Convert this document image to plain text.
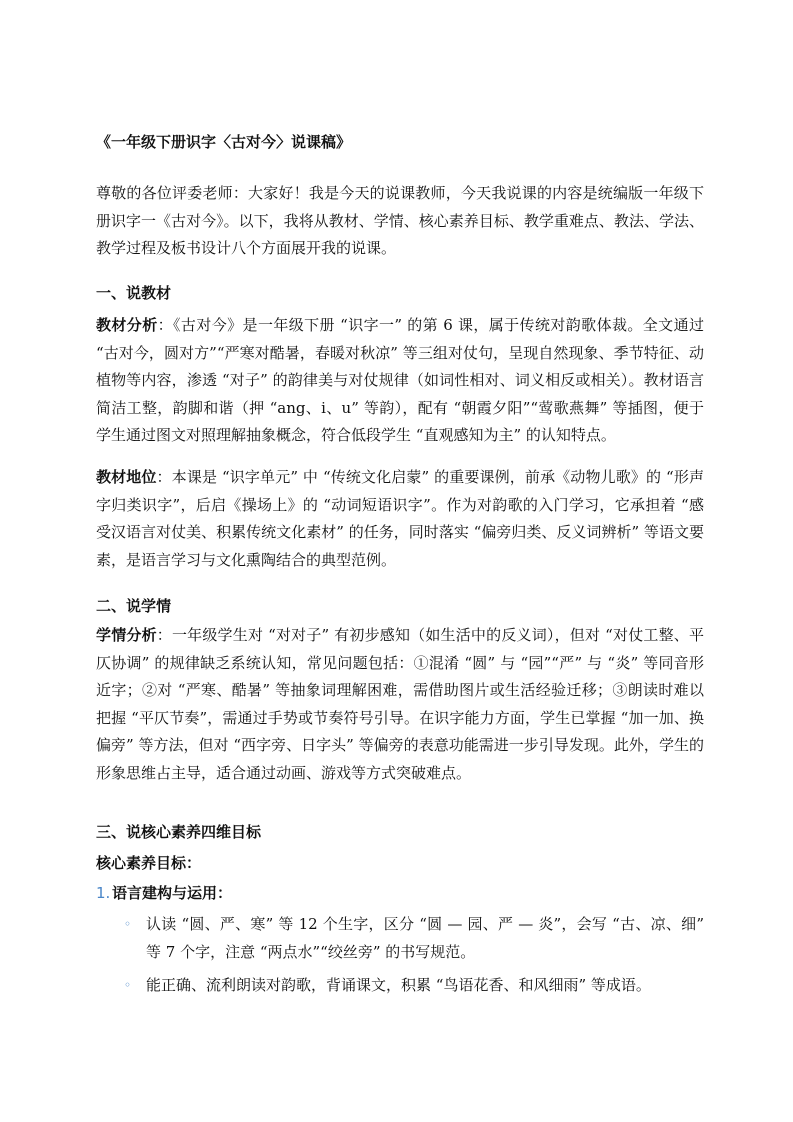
《一年级下册识字〈古对今〉说课稿》

尊敬的各位评委老师：大家好！我是今天的说课教师，今天我说课的内容是统编版一年级下册识字一《古对今》。以下，我将从教材、学情、核心素养目标、教学重难点、教法、学法、教学过程及板书设计八个方面展开我的说课。

一、说教材

教材分析：《古对今》是一年级下册 “识字一” 的第 6 课，属于传统对韵歌体裁。全文通过 “古对今，圆对方”“严寒对酷暑，春暖对秋凉” 等三组对仗句，呈现自然现象、季节特征、动植物等内容，渗透 “对子” 的韵律美与对仗规律（如词性相对、词义相反或相关）。教材语言简洁工整，韵脚和谐（押 “ang、i、u” 等韵），配有 “朝霞夕阳”“莺歌燕舞” 等插图，便于学生通过图文对照理解抽象概念，符合低段学生 “直观感知为主” 的认知特点。

教材地位：本课是 “识字单元” 中 “传统文化启蒙” 的重要课例，前承《动物儿歌》的 “形声字归类识字”，后启《操场上》的 “动词短语识字”。作为对韵歌的入门学习，它承担着 “感受汉语言对仗美、积累传统文化素材” 的任务，同时落实 “偏旁归类、反义词辨析” 等语文要素，是语言学习与文化熏陶结合的典型范例。

二、说学情

学情分析：一年级学生对 “对对子” 有初步感知（如生活中的反义词），但对 “对仗工整、平仄协调” 的规律缺乏系统认知，常见问题包括：①混淆 “圆” 与 “园”“严” 与 “炎” 等同音形近字；②对 “严寒、酷暑” 等抽象词理解困难，需借助图片或生活经验迁移；③朗读时难以把握 “平仄节奏”，需通过手势或节奏符号引导。在识字能力方面，学生已掌握 “加一加、换偏旁” 等方法，但对 “西字旁、日字头” 等偏旁的表意功能需进一步引导发现。此外，学生的形象思维占主导，适合通过动画、游戏等方式突破难点。

三、说核心素养四维目标

核心素养目标：

1. 语言建构与运用：

◦ 认读 “圆、严、寒” 等 12 个生字，区分 “圆 — 园、严 — 炎”，会写 “古、凉、细” 等 7 个字，注意 “两点水”“绞丝旁” 的书写规范。

◦ 能正确、流利朗读对韵歌，背诵课文，积累 “鸟语花香、和风细雨” 等成语。
